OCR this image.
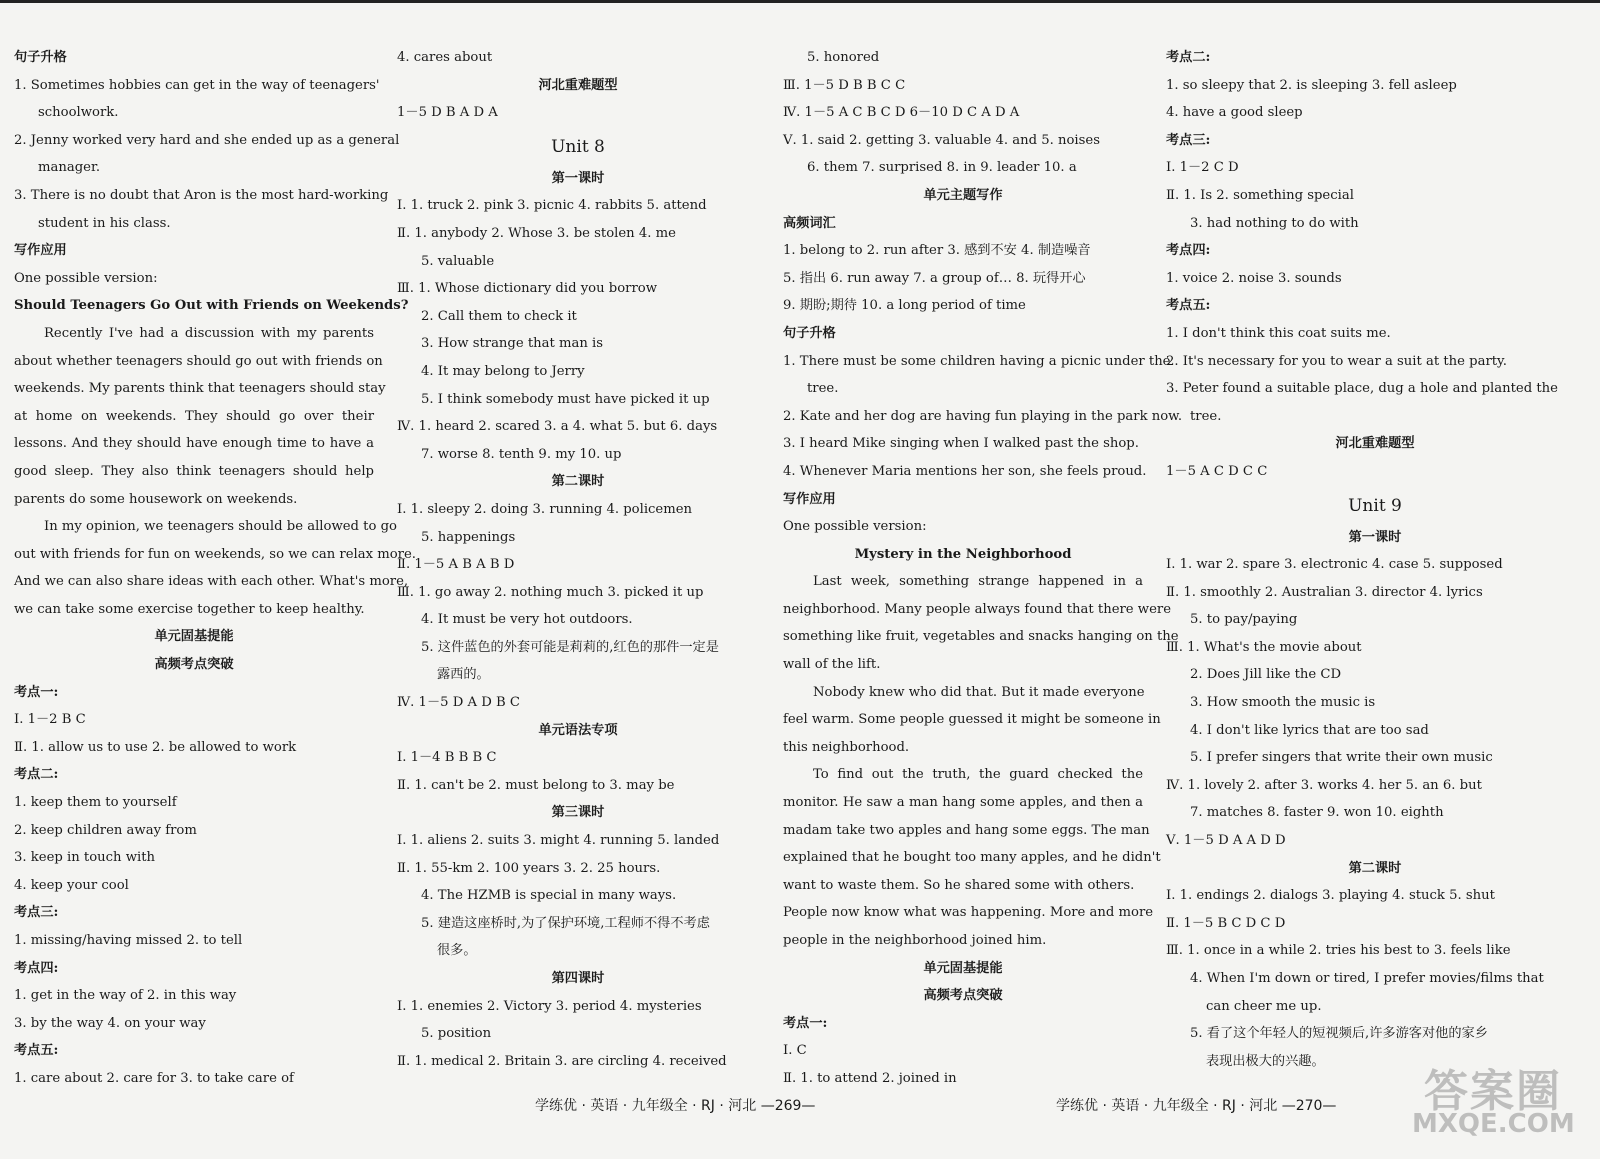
句子升格
1. Sometimes hobbies can get in the way of teenagers'
schoolwork.
2. Jenny worked very hard and she ended up as a general
manager.
3. There is no doubt that Aron is the most hard-working
student in his class.
写作应用
One possible version:
Should Teenagers Go Out with Friends on Weekends?
Recently I've had a discussion with my parents
about whether teenagers should go out with friends on
weekends. My parents think that teenagers should stay
at home on weekends. They should go over their
lessons. And they should have enough time to have a
good sleep. They also think teenagers should help
parents do some housework on weekends.
In my opinion, we teenagers should be allowed to go
out with friends for fun on weekends, so we can relax more.
And we can also share ideas with each other. What's more,
we can take some exercise together to keep healthy.
单元固基提能
高频考点突破
考点一:
Ⅰ. 1－2 B C
Ⅱ. 1. allow us to use 2. be allowed to work
考点二:
1. keep them to yourself
2. keep children away from
3. keep in touch with
4. keep your cool
考点三:
1. missing/having missed 2. to tell
考点四:
1. get in the way of 2. in this way
3. by the way 4. on your way
考点五:
1. care about 2. care for 3. to take care of
4. cares about
河北重难题型
1－5 D B A D A
Unit 8
第一课时
Ⅰ. 1. truck 2. pink 3. picnic 4. rabbits 5. attend
Ⅱ. 1. anybody 2. Whose 3. be stolen 4. me
5. valuable
Ⅲ. 1. Whose dictionary did you borrow
2. Call them to check it
3. How strange that man is
4. It may belong to Jerry
5. I think somebody must have picked it up
Ⅳ. 1. heard 2. scared 3. a 4. what 5. but 6. days
7. worse 8. tenth 9. my 10. up
第二课时
Ⅰ. 1. sleepy 2. doing 3. running 4. policemen
5. happenings
Ⅱ. 1－5 A B A B D
Ⅲ. 1. go away 2. nothing much 3. picked it up
4. It must be very hot outdoors.
5. 这件蓝色的外套可能是莉莉的,红色的那件一定是
露西的。
Ⅳ. 1－5 D A D B C
单元语法专项
Ⅰ. 1－4 B B B C
Ⅱ. 1. can't be 2. must belong to 3. may be
第三课时
Ⅰ. 1. aliens 2. suits 3. might 4. running 5. landed
Ⅱ. 1. 55-km 2. 100 years 3. 2. 25 hours.
4. The HZMB is special in many ways.
5. 建造这座桥时,为了保护环境,工程师不得不考虑
很多。
第四课时
Ⅰ. 1. enemies 2. Victory 3. period 4. mysteries
5. position
Ⅱ. 1. medical 2. Britain 3. are circling 4. received
5. honored
Ⅲ. 1－5 D B B C C
Ⅳ. 1－5 A C B C D 6－10 D C A D A
Ⅴ. 1. said 2. getting 3. valuable 4. and 5. noises
6. them 7. surprised 8. in 9. leader 10. a
单元主题写作
高频词汇
1. belong to 2. run after 3. 感到不安 4. 制造噪音
5. 指出 6. run away 7. a group of… 8. 玩得开心
9. 期盼;期待 10. a long period of time
句子升格
1. There must be some children having a picnic under the
tree.
2. Kate and her dog are having fun playing in the park now.
3. I heard Mike singing when I walked past the shop.
4. Whenever Maria mentions her son, she feels proud.
写作应用
One possible version:
Mystery in the Neighborhood
Last week, something strange happened in a
neighborhood. Many people always found that there were
something like fruit, vegetables and snacks hanging on the
wall of the lift.
Nobody knew who did that. But it made everyone
feel warm. Some people guessed it might be someone in
this neighborhood.
To find out the truth, the guard checked the
monitor. He saw a man hang some apples, and then a
madam take two apples and hang some eggs. The man
explained that he bought too many apples, and he didn't
want to waste them. So he shared some with others.
People now know what was happening. More and more
people in the neighborhood joined him.
单元固基提能
高频考点突破
考点一:
Ⅰ. C
Ⅱ. 1. to attend 2. joined in
考点二:
1. so sleepy that 2. is sleeping 3. fell asleep
4. have a good sleep
考点三:
Ⅰ. 1－2 C D
Ⅱ. 1. Is 2. something special
3. had nothing to do with
考点四:
1. voice 2. noise 3. sounds
考点五:
1. I don't think this coat suits me.
2. It's necessary for you to wear a suit at the party.
3. Peter found a suitable place, dug a hole and planted the
tree.
河北重难题型
1－5 A C D C C
Unit 9
第一课时
Ⅰ. 1. war 2. spare 3. electronic 4. case 5. supposed
Ⅱ. 1. smoothly 2. Australian 3. director 4. lyrics
5. to pay/paying
Ⅲ. 1. What's the movie about
2. Does Jill like the CD
3. How smooth the music is
4. I don't like lyrics that are too sad
5. I prefer singers that write their own music
Ⅳ. 1. lovely 2. after 3. works 4. her 5. an 6. but
7. matches 8. faster 9. won 10. eighth
Ⅴ. 1－5 D A A D D
第二课时
Ⅰ. 1. endings 2. dialogs 3. playing 4. stuck 5. shut
Ⅱ. 1－5 B C D C D
Ⅲ. 1. once in a while 2. tries his best to 3. feels like
4. When I'm down or tired, I prefer movies/films that
can cheer me up.
5. 看了这个年轻人的短视频后,许多游客对他的家乡
表现出极大的兴趣。
学练优 · 英语 · 九年级全 · RJ · 河北 —269—	学练优 · 英语 · 九年级全 · RJ · 河北 —270— 答案圈
MXQE.COM
